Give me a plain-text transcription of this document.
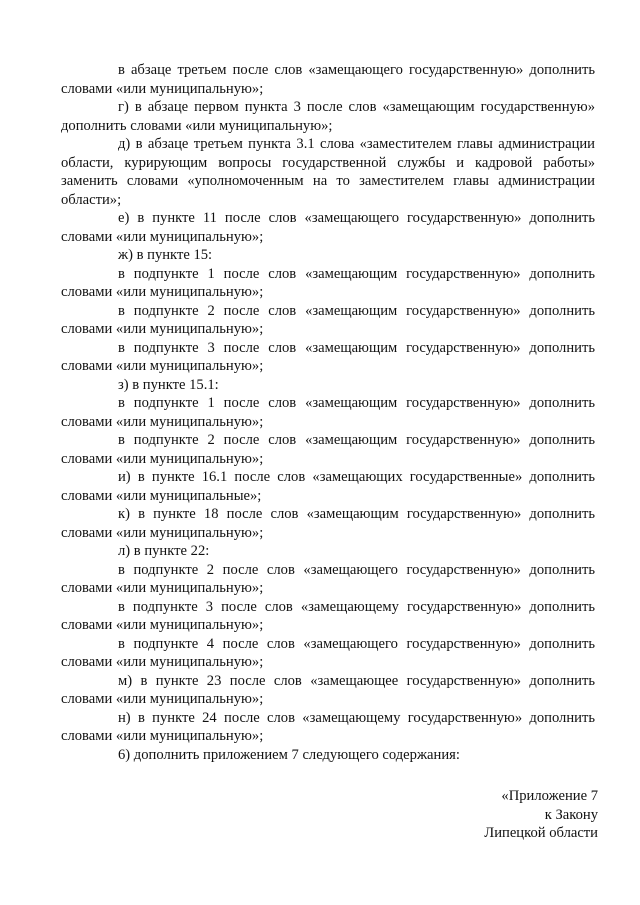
в абзаце третьем после слов «замещающего государственную» дополнить словами «или муниципальную»;

г) в абзаце первом пункта 3 после слов «замещающим государственную» дополнить словами «или муниципальную»;

д) в абзаце третьем пункта 3.1 слова «заместителем главы администрации области, курирующим вопросы государственной службы и кадровой работы» заменить словами «уполномоченным на то заместителем главы администрации области»;

е) в пункте 11 после слов «замещающего государственную» дополнить словами «или муниципальную»;

ж) в пункте 15:

в подпункте 1 после слов «замещающим государственную» дополнить словами «или муниципальную»;

в подпункте 2 после слов «замещающим государственную» дополнить словами «или муниципальную»;

в подпункте 3 после слов «замещающим государственную» дополнить словами «или муниципальную»;

з) в пункте 15.1:

в подпункте 1 после слов «замещающим государственную» дополнить словами «или муниципальную»;

в подпункте 2 после слов «замещающим государственную» дополнить словами «или муниципальную»;

и) в пункте 16.1 после слов «замещающих государственные» дополнить словами «или муниципальные»;

к) в пункте 18 после слов «замещающим государственную» дополнить словами «или муниципальную»;

л) в пункте 22:

в подпункте 2 после слов «замещающего государственную» дополнить словами «или муниципальную»;

в подпункте 3 после слов «замещающему государственную» дополнить словами «или муниципальную»;

в подпункте 4 после слов «замещающего государственную» дополнить словами «или муниципальную»;

м) в пункте 23 после слов «замещающее государственную» дополнить словами «или муниципальную»;

н) в пункте 24 после слов «замещающему государственную» дополнить словами «или муниципальную»;

6) дополнить приложением 7 следующего содержания:

«Приложение 7
к Закону
Липецкой области
